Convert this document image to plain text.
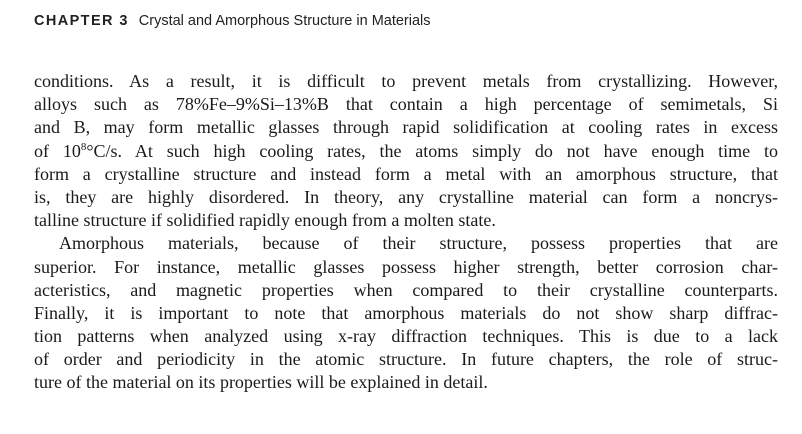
CHAPTER 3 Crystal and Amorphous Structure in Materials
conditions. As a result, it is difficult to prevent metals from crystallizing. However,
alloys such as 78%Fe–9%Si–13%B that contain a high percentage of semimetals, Si
and B, may form metallic glasses through rapid solidification at cooling rates in excess
of $10^8^\circ C/s$. At such high cooling rates, the atoms simply do not have enough time to
form a crystalline structure and instead form a metal with an amorphous structure, that
is, they are highly disordered. In theory, any crystalline material can form a noncrys-
talline structure if solidified rapidly enough from a molten state.
Amorphous materials, because of their structure, possess properties that are
superior. For instance, metallic glasses possess higher strength, better corrosion char-
acteristics, and magnetic properties when compared to their crystalline counterparts.
Finally, it is important to note that amorphous materials do not show sharp diffrac-
tion patterns when analyzed using x-ray diffraction techniques. This is due to a lack
of order and periodicity in the atomic structure. In future chapters, the role of struc-
ture of the material on its properties will be explained in detail.
